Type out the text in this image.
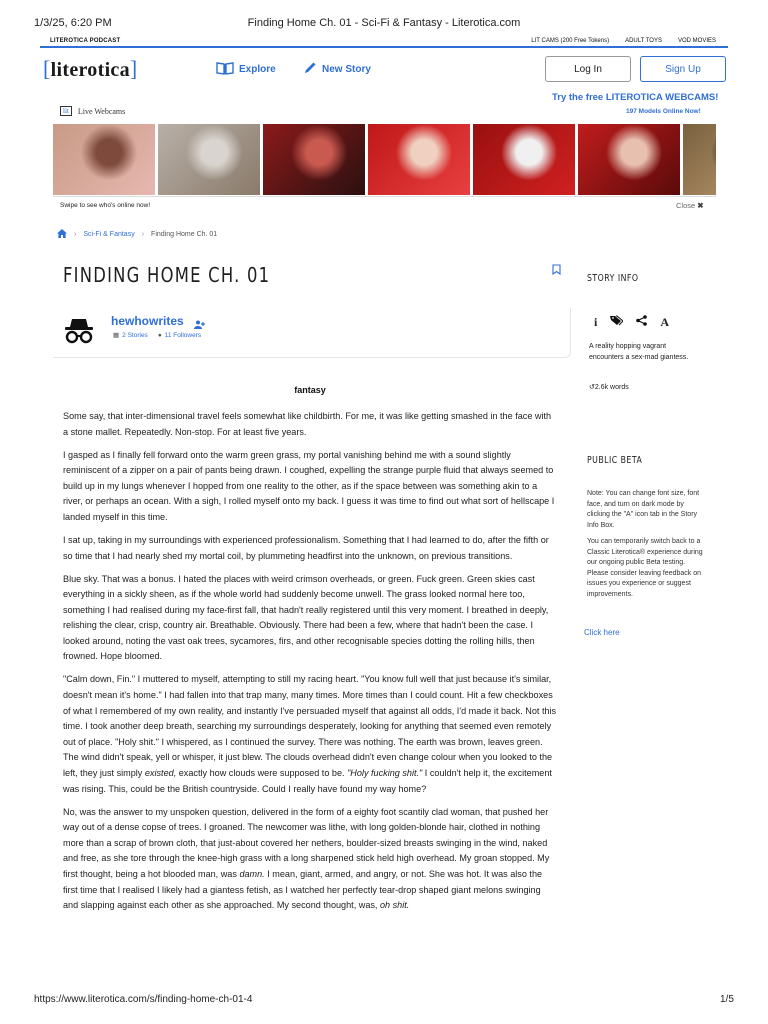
1/3/25, 6:20 PM	Finding Home Ch. 01 - Sci-Fi & Fantasy - Literotica.com
LITEROTICA PODCAST	LIT CAMS (200 Free Tokens)	ADULT TOYS	VOD MOVIES
[literotica]	Explore	New Story	Log In	Sign Up
Try the free LITEROTICA WEBCAMS!
197 Models Online Now!
lit	Live Webcams
Swipe to see who's online now!	Close ✖
› Sci-Fi & Fantasy › Finding Home Ch. 01
FINDING HOME CH. 01
hewhowrites
▦ 2 Stories ● 11 Followers
fantasy

Some say, that inter-dimensional travel feels somewhat like childbirth. For me, it was like getting smashed in the face with a stone mallet. Repeatedly. Non-stop. For at least five years.

I gasped as I finally fell forward onto the warm green grass, my portal vanishing behind me with a sound slightly reminiscent of a zipper on a pair of pants being drawn. I coughed, expelling the strange purple fluid that always seemed to build up in my lungs whenever I hopped from one reality to the other, as if the space between was something akin to a river, or perhaps an ocean. With a sigh, I rolled myself onto my back. I guess it was time to find out what sort of hellscape I landed myself in this time.

I sat up, taking in my surroundings with experienced professionalism. Something that I had learned to do, after the fifth or so time that I had nearly shed my mortal coil, by plummeting headfirst into the unknown, on previous transitions.

Blue sky. That was a bonus. I hated the places with weird crimson overheads, or green. Fuck green. Green skies cast everything in a sickly sheen, as if the whole world had suddenly become unwell. The grass looked normal here too, something I had realised during my face-first fall, that hadn't really registered until this very moment. I breathed in deeply, relishing the clear, crisp, country air. Breathable. Obviously. There had been a few, where that hadn't been the case. I looked around, noting the vast oak trees, sycamores, firs, and other recognisable species dotting the rolling hills, then frowned. Hope bloomed.

"Calm down, Fin." I muttered to myself, attempting to still my racing heart. "You know full well that just because it's similar, doesn't mean it's home." I had fallen into that trap many, many times. More times than I could count. Hit a few checkboxes of what I remembered of my own reality, and instantly I've persuaded myself that against all odds, I'd made it back. Not this time. I took another deep breath, searching my surroundings desperately, looking for anything that seemed even remotely out of place. "Holy shit." I whispered, as I continued the survey. There was nothing. The earth was brown, leaves green. The wind didn't speak, yell or whisper, it just blew. The clouds overhead didn't even change colour when you looked to the left, they just simply existed, exactly how clouds were supposed to be. "Holy fucking shit." I couldn't help it, the excitement was rising. This, could be the British countryside. Could I really have found my way home?

No, was the answer to my unspoken question, delivered in the form of a eighty foot scantily clad woman, that pushed her way out of a dense copse of trees. I groaned. The newcomer was lithe, with long golden-blonde hair, clothed in nothing more than a scrap of brown cloth, that just-about covered her nethers, boulder-sized breasts swinging in the wind, naked and free, as she tore through the knee-high grass with a long sharpened stick held high overhead. My groan stopped. My first thought, being a hot blooded man, was damn. I mean, giant, armed, and angry, or not. She was hot. It was also the first time that I realised I likely had a giantess fetish, as I watched her perfectly tear-drop shaped giant melons swinging and slapping against each other as she approached. My second thought, was, oh shit.

STORY INFO
i	A
A reality hopping vagrant encounters a sex-mad giantess.
↺2.6k words
PUBLIC BETA
Note: You can change font size, font face, and turn on dark mode by clicking the "A" icon tab in the Story Info Box.
You can temporarily switch back to a Classic Literotica® experience during our ongoing public Beta testing. Please consider leaving feedback on issues you experience or suggest improvements.
Click here
https://www.literotica.com/s/finding-home-ch-01-4	1/5
